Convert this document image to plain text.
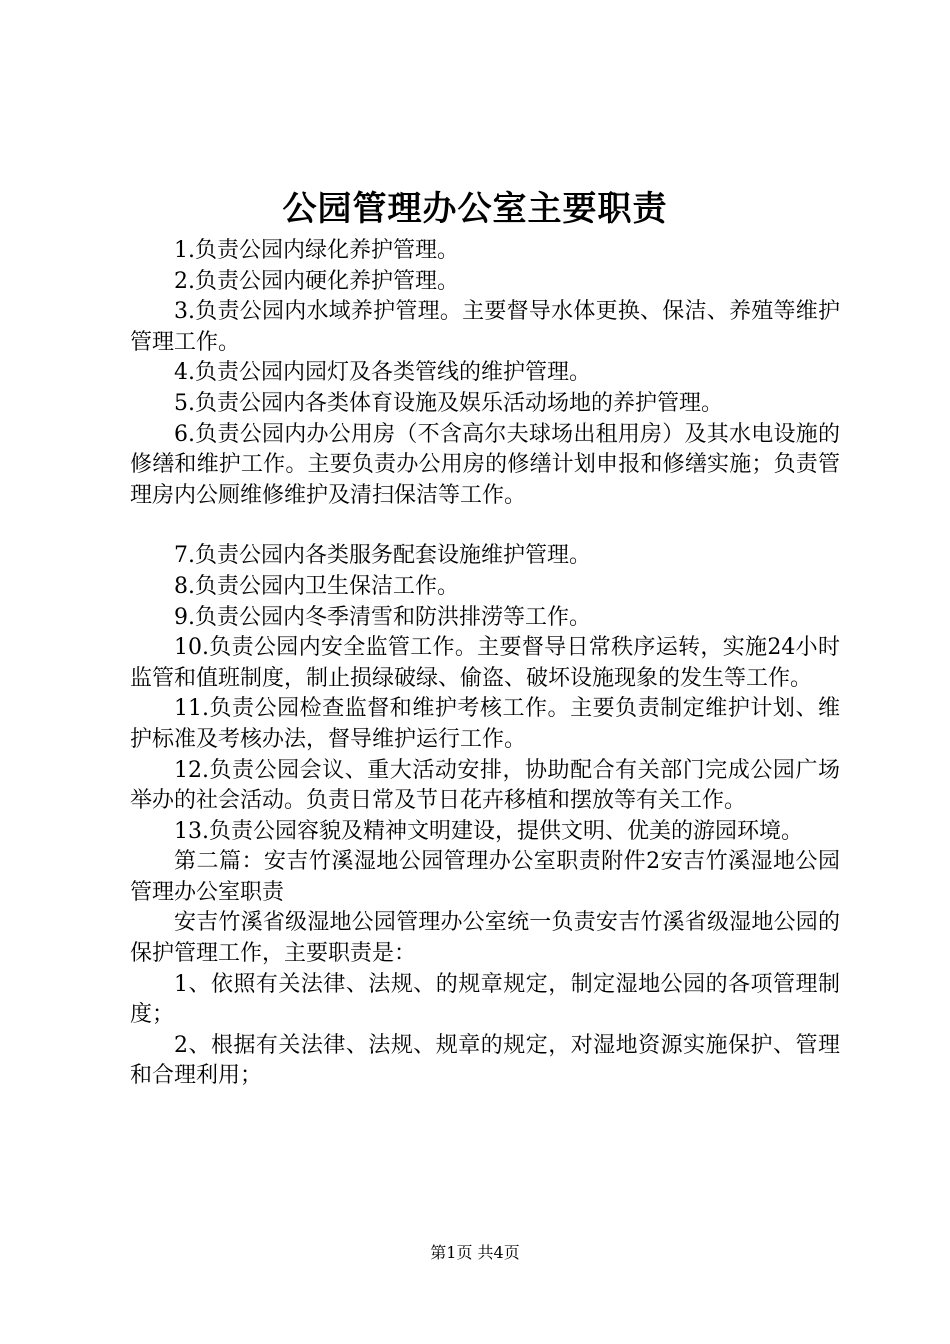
公园管理办公室主要职责

1.负责公园内绿化养护管理。

2.负责公园内硬化养护管理。

3.负责公园内水域养护管理。主要督导水体更换、保洁、养殖等维护管理工作。

4.负责公园内园灯及各类管线的维护管理。

5.负责公园内各类体育设施及娱乐活动场地的养护管理。

6.负责公园内办公用房（不含高尔夫球场出租用房）及其水电设施的修缮和维护工作。主要负责办公用房的修缮计划申报和修缮实施；负责管理房内公厕维修维护及清扫保洁等工作。

7.负责公园内各类服务配套设施维护管理。

8.负责公园内卫生保洁工作。

9.负责公园内冬季清雪和防洪排涝等工作。

10.负责公园内安全监管工作。主要督导日常秩序运转，实施24小时监管和值班制度，制止损绿破绿、偷盗、破坏设施现象的发生等工作。

11.负责公园检查监督和维护考核工作。主要负责制定维护计划、维护标准及考核办法，督导维护运行工作。

12.负责公园会议、重大活动安排，协助配合有关部门完成公园广场举办的社会活动。负责日常及节日花卉移植和摆放等有关工作。

13.负责公园容貌及精神文明建设，提供文明、优美的游园环境。

第二篇：安吉竹溪湿地公园管理办公室职责附件2安吉竹溪湿地公园管理办公室职责

安吉竹溪省级湿地公园管理办公室统一负责安吉竹溪省级湿地公园的保护管理工作，主要职责是：

1、依照有关法律、法规、的规章规定，制定湿地公园的各项管理制度；

2、根据有关法律、法规、规章的规定，对湿地资源实施保护、管理和合理利用；

第1页 共4页
